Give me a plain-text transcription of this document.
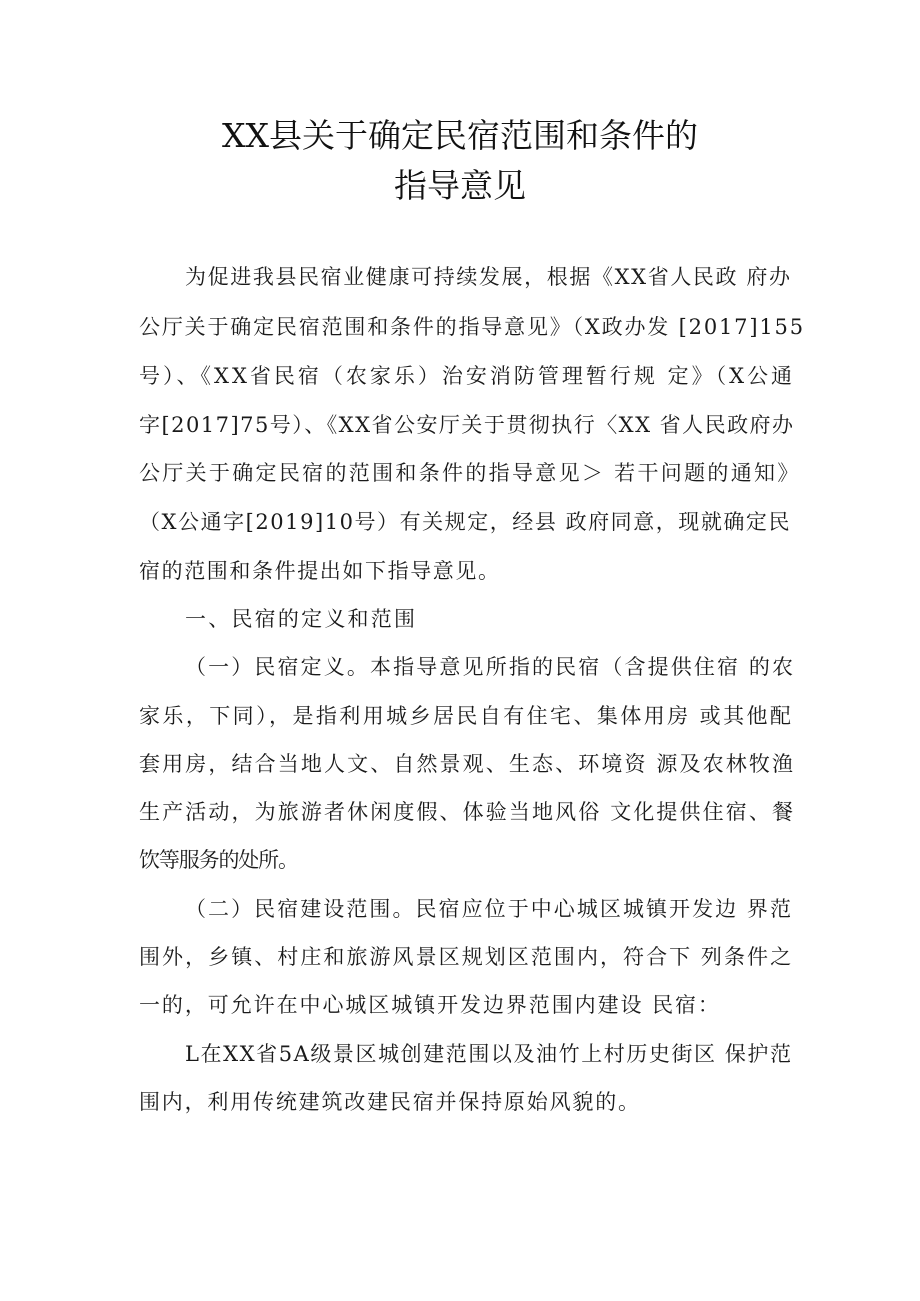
XX县关于确定民宿范围和条件的
指导意见
为促进我县民宿业健康可持续发展，根据《XX省人民政 府办
公厅关于确定民宿范围和条件的指导意见》（X政办发 [2017]155
号）、《XX省民宿（农家乐）治安消防管理暂行规 定》（X公通
字[2017]75号）、《XX省公安厅关于贯彻执行〈XX 省人民政府办
公厅关于确定民宿的范围和条件的指导意见＞ 若干问题的通知》
（X公通字[2019]10号）有关规定，经县 政府同意，现就确定民
宿的范围和条件提出如下指导意见。
一、民宿的定义和范围
（一）民宿定义。本指导意见所指的民宿（含提供住宿 的农
家乐，下同），是指利用城乡居民自有住宅、集体用房 或其他配
套用房，结合当地人文、自然景观、生态、环境资 源及农林牧渔
生产活动，为旅游者休闲度假、体验当地风俗 文化提供住宿、餐
饮等服务的处所。
（二）民宿建设范围。民宿应位于中心城区城镇开发边 界范
围外，乡镇、村庄和旅游风景区规划区范围内，符合下 列条件之
一的，可允许在中心城区城镇开发边界范围内建设 民宿：
L在XX省5A级景区城创建范围以及油竹上村历史街区 保护范
围内，利用传统建筑改建民宿并保持原始风貌的。
